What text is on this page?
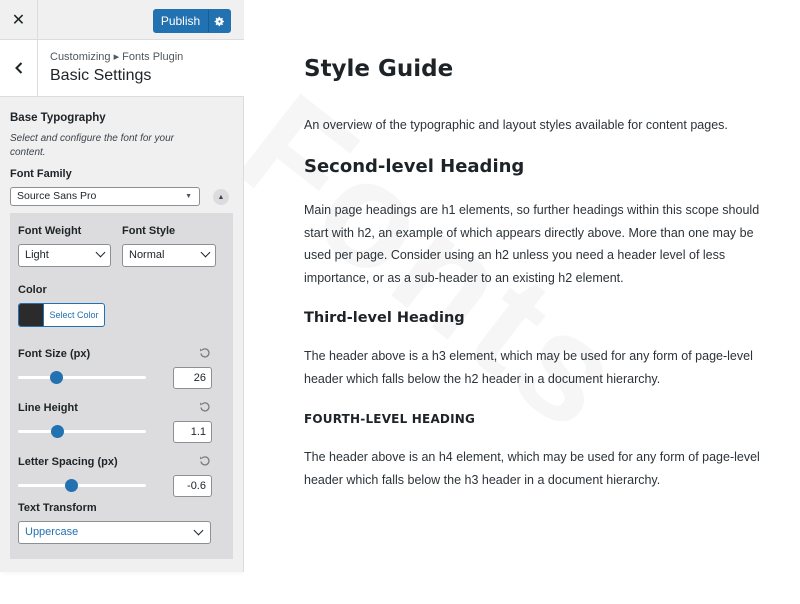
✕	Publish
Customizing ▸ Fonts Plugin
Basic Settings
Base Typography
Select and configure the font for your content.
Font Family
Source Sans Pro	▼	▲
Font Weight
Light
Font Style
Normal
Color
Select Color
Font Size (px)
26
Line Height
1.1
Letter Spacing (px)
-0.6
Text Transform
Uppercase
Style Guide
An overview of the typographic and layout styles available for content pages.
Second-level Heading
Main page headings are h1 elements, so further headings within this scope should start with h2, an example of which appears directly above. More than one may be used per page. Consider using an h2 unless you need a header level of less importance, or as a sub-header to an existing h2 element.
Third-level Heading
The header above is a h3 element, which may be used for any form of page-level header which falls below the h2 header in a document hierarchy.
FOURTH-LEVEL HEADING
The header above is an h4 element, which may be used for any form of page-level header which falls below the h3 header in a document hierarchy.
